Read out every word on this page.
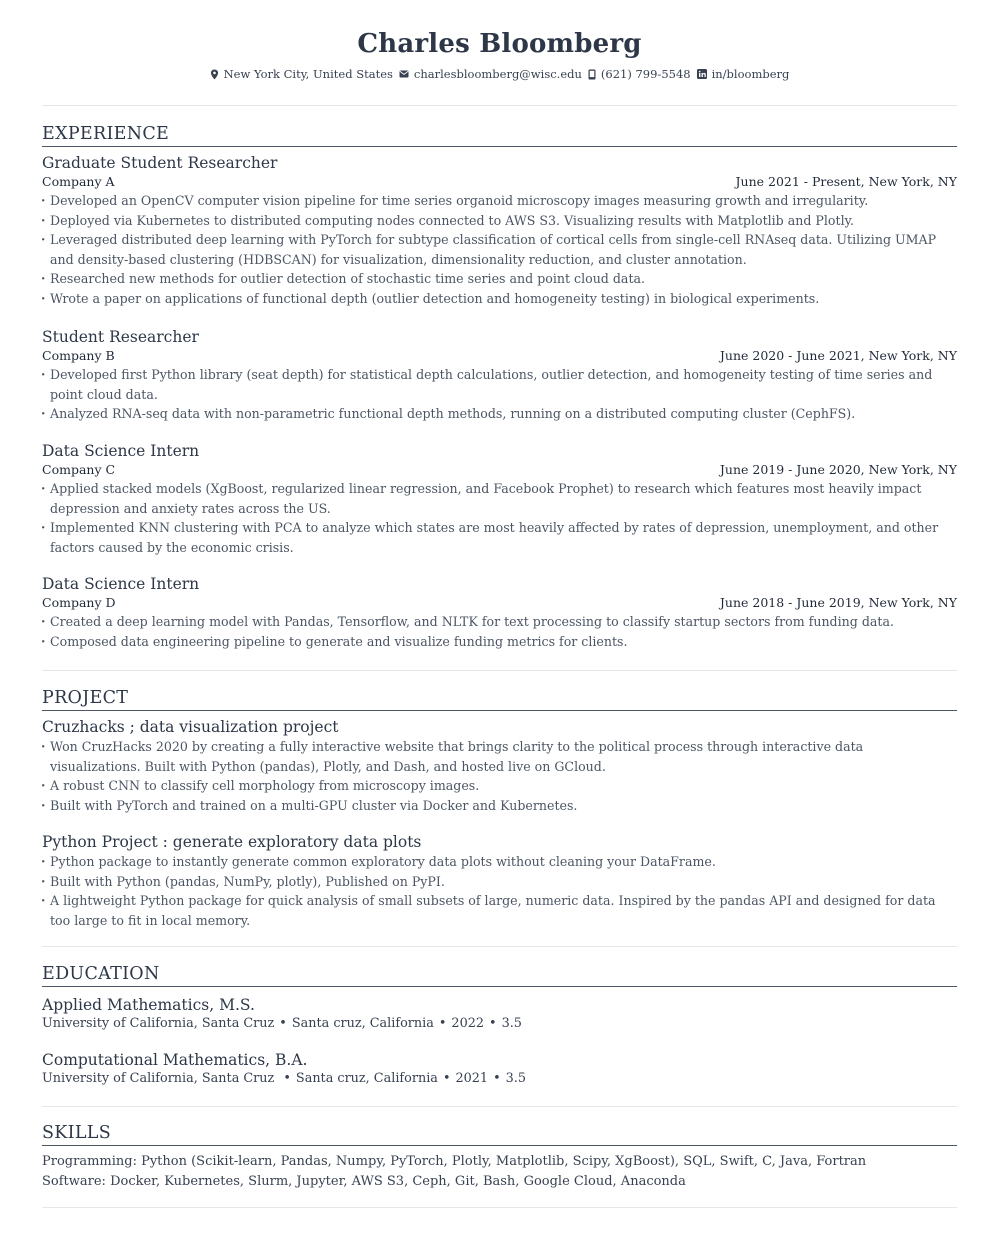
Charles Bloomberg
New York City, United States charlesbloomberg@wisc.edu (621) 799-5548 in/bloomberg
EXPERIENCE
Graduate Student Researcher
Company A	June 2021 - Present, New York, NY
· Developed an OpenCV computer vision pipeline for time series organoid microscopy images measuring growth and irregularity.
· Deployed via Kubernetes to distributed computing nodes connected to AWS S3. Visualizing results with Matplotlib and Plotly.
· Leveraged distributed deep learning with PyTorch for subtype classification of cortical cells from single-cell RNAseq data. Utilizing UMAP and density-based clustering (HDBSCAN) for visualization, dimensionality reduction, and cluster annotation.
· Researched new methods for outlier detection of stochastic time series and point cloud data.
· Wrote a paper on applications of functional depth (outlier detection and homogeneity testing) in biological experiments.
Student Researcher
Company B	June 2020 - June 2021, New York, NY
· Developed first Python library (seat depth) for statistical depth calculations, outlier detection, and homogeneity testing of time series and point cloud data.
· Analyzed RNA-seq data with non-parametric functional depth methods, running on a distributed computing cluster (CephFS).
Data Science Intern
Company C	June 2019 - June 2020, New York, NY
· Applied stacked models (XgBoost, regularized linear regression, and Facebook Prophet) to research which features most heavily impact depression and anxiety rates across the US.
· Implemented KNN clustering with PCA to analyze which states are most heavily affected by rates of depression, unemployment, and other factors caused by the economic crisis.
Data Science Intern
Company D	June 2018 - June 2019, New York, NY
· Created a deep learning model with Pandas, Tensorflow, and NLTK for text processing to classify startup sectors from funding data.
· Composed data engineering pipeline to generate and visualize funding metrics for clients.
PROJECT
Cruzhacks ; data visualization project
· Won CruzHacks 2020 by creating a fully interactive website that brings clarity to the political process through interactive data visualizations. Built with Python (pandas), Plotly, and Dash, and hosted live on GCloud.
· A robust CNN to classify cell morphology from microscopy images.
· Built with PyTorch and trained on a multi-GPU cluster via Docker and Kubernetes.
Python Project : generate exploratory data plots
· Python package to instantly generate common exploratory data plots without cleaning your DataFrame.
· Built with Python (pandas, NumPy, plotly), Published on PyPI.
· A lightweight Python package for quick analysis of small subsets of large, numeric data. Inspired by the pandas API and designed for data too large to fit in local memory.
EDUCATION
Applied Mathematics, M.S.
University of California, Santa Cruz • Santa cruz, California • 2022 • 3.5
Computational Mathematics, B.A.
University of California, Santa Cruz • Santa cruz, California • 2021 • 3.5
SKILLS

Programming: Python (Scikit-learn, Pandas, Numpy, PyTorch, Plotly, Matplotlib, Scipy, XgBoost), SQL, Swift, C, Java, Fortran

Software: Docker, Kubernetes, Slurm, Jupyter, AWS S3, Ceph, Git, Bash, Google Cloud, Anaconda
